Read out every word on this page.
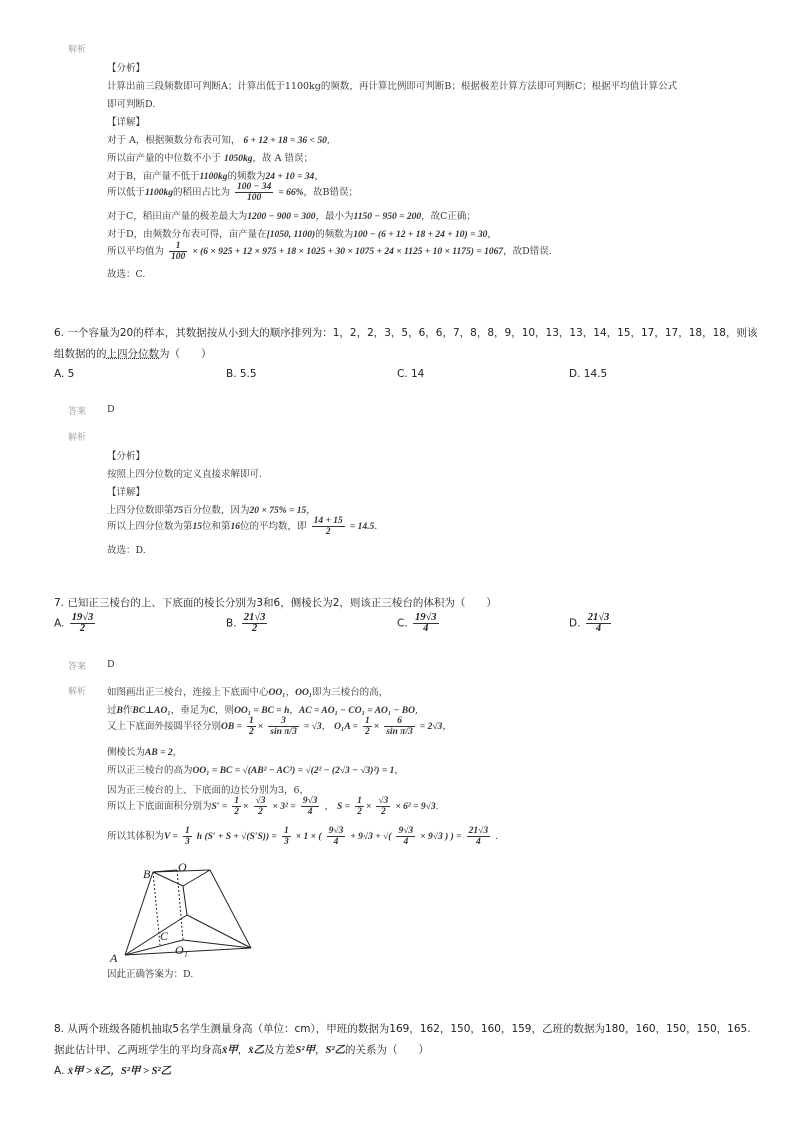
解析
【分析】
计算出前三段频数即可判断A；计算出低于1100kg的频数，再计算比例即可判断B；根据极差计算方法即可判断C；根据平均值计算公式
即可判断D.
【详解】
对于 A，根据频数分布表可知， 6 + 12 + 18 = 36 < 50,
所以亩产量的中位数不小于 1050kg，故 A 错误；
对于B，亩产量不低于1100kg的频数为24 + 10 = 34，
所以低于1100kg的稻田占比为 $\frac{100 - 34}{100} = 66\%$，故B错误；
对于C，稻田亩产量的极差最大为1200 − 900 = 300，最小为1150 − 950 = 200，故C正确；
对于D，由频数分布表可得，亩产量在[1050, 1100)的频数为100 − (6 + 12 + 18 + 24 + 10) = 30，
所以平均值为 $\frac{1}{100} \times (6 \times 925 + 12 \times 975 + 18 \times 1025 + 30 \times 1075 + 24 \times 1125 + 10 \times 1175) = 1067$，故D错误.
故选：C.
6. 一个容量为20的样本，其数据按从小到大的顺序排列为：1，2，2，3，5，6，6，7，8，8，9，10，13，13，14，15，17，17，18，18，则该
组数据的的上四分位数为（　　）
A. 5	B. 5.5	C. 14	D. 14.5
答案 D
解析
【分析】
按照上四分位数的定义直接求解即可.
【详解】
上四分位数即第75百分位数，因为20 × 75% = 15，
所以上四分位数为第15位和第16位的平均数，即 $\frac{14 + 15}{2} = 14.5$.
故选：D.
7. 已知正三棱台的上、下底面的棱长分别为3和6，侧棱长为2，则该正三棱台的体积为（　　）
A. $\frac{19√3}{2}$	B. $\frac{21√3}{2}$	C. $\frac{19√3}{4}$	D. $\frac{21√3}{4}$
答案 D
解析 如图画出正三棱台，连接上下底面中心OO₁，OO₁即为三棱台的高，
过B作BC⊥AO₁，垂足为C，则OO₁ = BC = h，AC = AO₁ − CO₁ = AO₁ − BO,
又上下底面外接圆半径分别OB = $\frac{1}{2} \times \frac{3}{\text{sin π/3}} = √3$， $O_1A = \frac{1}{2} \times \frac{6}{\text{sin π/3}} = 2√3$，
侧棱长为AB = 2，
所以正三棱台的高为OO₁ = BC = √(AB² − AC²) = √(2² − (2√3 − √3)²) = 1，
因为正三棱台的上、下底面的边长分别为3，6，
所以上下底面面积分别为$S' = \frac{1}{2} \times \frac{√3}{2} \times 3^2 = \frac{9√3}{4}$ ， $S = \frac{1}{2} \times \frac{√3}{2} \times 6^2 = 9√3$.
所以其体积为$V = \frac{1}{3}$ h $(S' + S + √(S'S)) = \frac{1}{3} \times 1$ × ( $\frac{9√3}{4} + 9√3$ + √( $\frac{9√3}{4} \times 9√3$ ) ) = $\frac{21√3}{4}$ .
B O
C
O₁
A
因此正确答案为：D.
8. 从两个班级各随机抽取5名学生测量身高（单位：cm），甲班的数据为169，162，150，160，159，乙班的数据为180，160，150，150，165.
据此估计甲、乙两班学生的平均身高x̄甲，x̄乙及方差S²甲，S²乙的关系为（　　）
A. x̄甲 > x̄乙，S²甲 > S²乙
